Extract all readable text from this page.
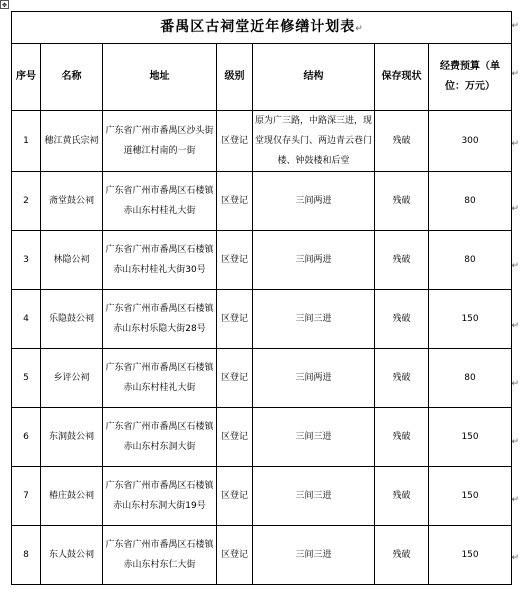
✥
番禺区古祠堂近年修缮计划表↵						
序号	名称	地址	级别	结构	保存现状	经费预算（单位：万元）
1	穗江黄氏宗祠	广东省广州市番禺区沙头街道穗江村南的一街	区登记	原为广三路，中路深三进，现堂现仅存头门、两边青云巷门楼、钟鼓楼和后堂	残破	300
2	斋堂鼓公祠	广东省广州市番禺区石楼镇赤山东村桂礼大街	区登记	三间两进	残破	80
3	林隐公祠	广东省广州市番禺区石楼镇赤山东村桂礼大街30号	区登记	三间两进	残破	80
4	乐隐鼓公祠	广东省广州市番禺区石楼镇赤山东村乐隐大街28号	区登记	三间三进	残破	150
5	乡评公祠	广东省广州市番禺区石楼镇赤山东村桂礼大街	区登记	三间两进	残破	80
6	东洞鼓公祠	广东省广州市番禺区石楼镇赤山东村东洞大街	区登记	三间三进	残破	150
7	椿庄鼓公祠	广东省广州市番禺区石楼镇赤山东村东洞大街19号	区登记	三间三进	残破	150
8	东人鼓公祠	广东省广州市番禺区石楼镇赤山东村东仁大街	区登记	三间三进	残破	150
↵
↵
↵
↵
↵
↵
↵
↵
↵
↵
